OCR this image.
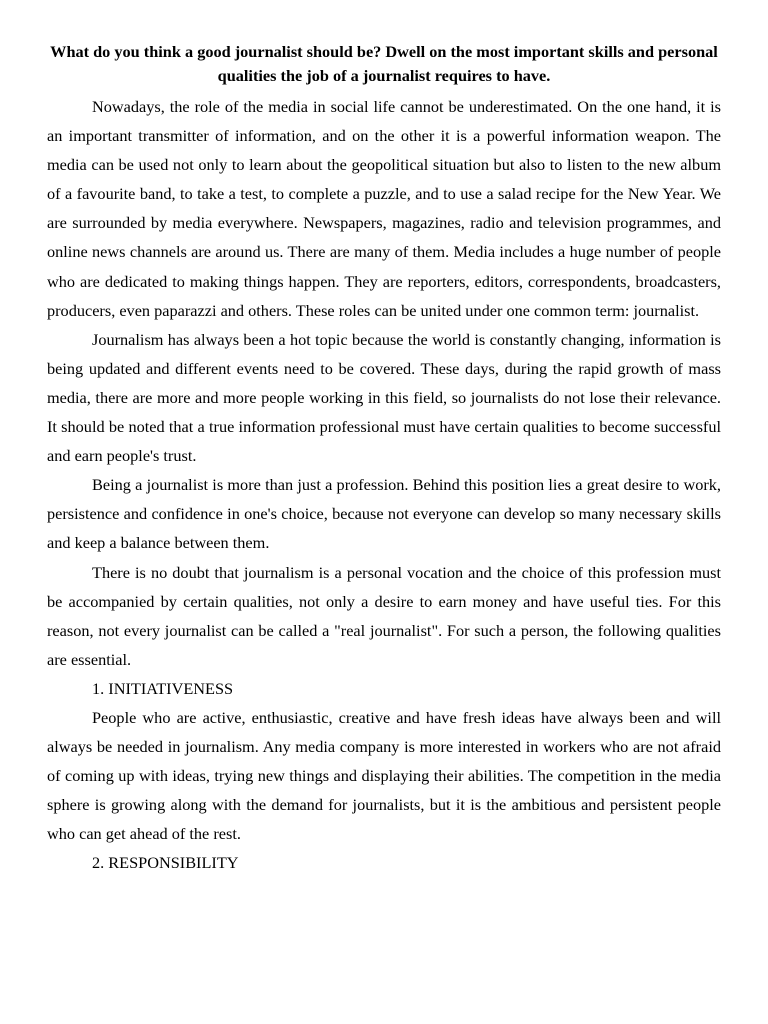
What do you think a good journalist should be? Dwell on the most important skills and personal qualities the job of a journalist requires to have.

Nowadays, the role of the media in social life cannot be underestimated. On the one hand, it is an important transmitter of information, and on the other it is a powerful information weapon. The media can be used not only to learn about the geopolitical situation but also to listen to the new album of a favourite band, to take a test, to complete a puzzle, and to use a salad recipe for the New Year. We are surrounded by media everywhere. Newspapers, magazines, radio and television programmes, and online news channels are around us. There are many of them. Media includes a huge number of people who are dedicated to making things happen. They are reporters, editors, correspondents, broadcasters, producers, even paparazzi and others. These roles can be united under one common term: journalist.

Journalism has always been a hot topic because the world is constantly changing, information is being updated and different events need to be covered. These days, during the rapid growth of mass media, there are more and more people working in this field, so journalists do not lose their relevance. It should be noted that a true information professional must have certain qualities to become successful and earn people's trust.

Being a journalist is more than just a profession. Behind this position lies a great desire to work, persistence and confidence in one's choice, because not everyone can develop so many necessary skills and keep a balance between them.

There is no doubt that journalism is a personal vocation and the choice of this profession must be accompanied by certain qualities, not only a desire to earn money and have useful ties. For this reason, not every journalist can be called a "real journalist". For such a person, the following qualities are essential.

1. INITIATIVENESS

People who are active, enthusiastic, creative and have fresh ideas have always been and will always be needed in journalism. Any media company is more interested in workers who are not afraid of coming up with ideas, trying new things and displaying their abilities. The competition in the media sphere is growing along with the demand for journalists, but it is the ambitious and persistent people who can get ahead of the rest.

2. RESPONSIBILITY
